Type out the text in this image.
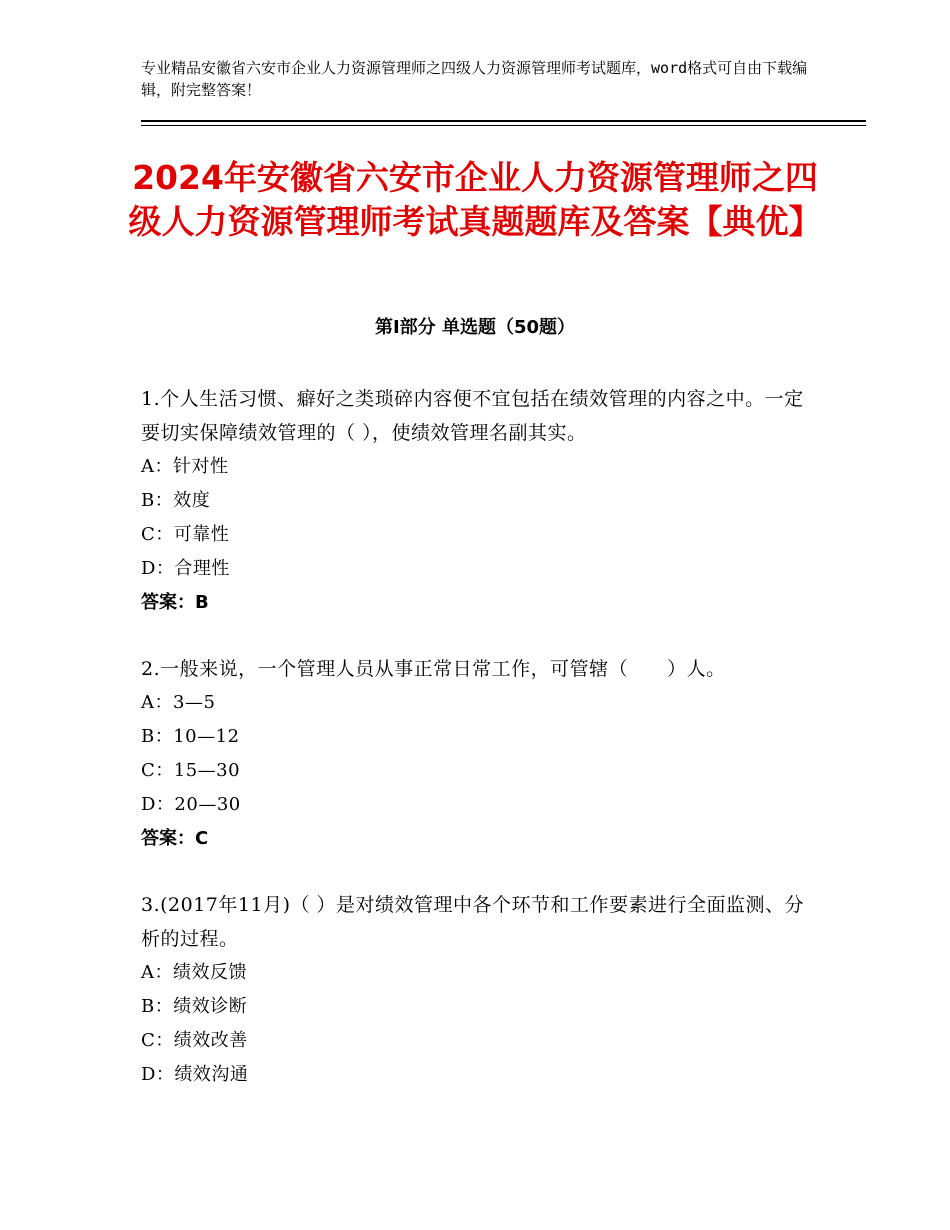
专业精品安徽省六安市企业人力资源管理师之四级人力资源管理师考试题库，word格式可自由下载编辑，附完整答案！
2024年安徽省六安市企业人力资源管理师之四级人力资源管理师考试真题题库及答案【典优】
第Ⅰ部分 单选题（50题）
1.个人生活习惯、癖好之类琐碎内容便不宜包括在绩效管理的内容之中。一定要切实保障绩效管理的（ ），使绩效管理名副其实。
A：针对性
B：效度
C：可靠性
D：合理性
答案：B
2.一般来说，一个管理人员从事正常日常工作，可管辖（　　）人。
A：3—5
B：10—12
C：15—30
D：20—30
答案：C
3.(2017年11月)（ ）是对绩效管理中各个环节和工作要素进行全面监测、分析的过程。
A：绩效反馈
B：绩效诊断
C：绩效改善
D：绩效沟通
